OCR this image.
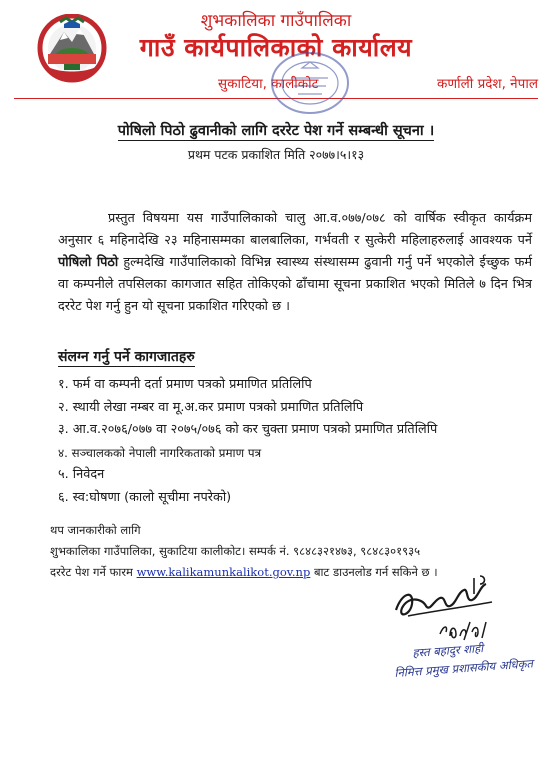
शुभकालिका गाउँपालिका
गाउँ कार्यपालिकाको कार्यालय
सुकाटिया, कालीकोट	कर्णाली प्रदेश, नेपाल
पोषिलो पिठो ढुवानीको लागि दररेट पेश गर्ने सम्बन्धी सूचना ।
प्रथम पटक प्रकाशित मिति २०७७।५।१३
प्रस्तुत विषयमा यस गाउँपालिकाको चालु आ.व.०७७/०७८ को वार्षिक स्वीकृत कार्यक्रम अनुसार ६ महिनादेखि २३ महिनासम्मका बालबालिका, गर्भवती र सुत्केरी महिलाहरुलाई आवश्यक पर्ने पोषिलो पिठो हुल्मदेखि गाउँपालिकाको विभिन्न स्वास्थ्य संस्थासम्म ढुवानी गर्नु पर्ने भएकोले ईच्छुक फर्म वा कम्पनीले तपसिलका कागजात सहित तोकिएको ढाँचामा सूचना प्रकाशित भएको मितिले ७ दिन भित्र दररेट पेश गर्नु हुन यो सूचना प्रकाशित गरिएको छ ।
संलग्न गर्नु पर्ने कागजातहरु
१. फर्म वा कम्पनी दर्ता प्रमाण पत्रको प्रमाणित प्रतिलिपि
२. स्थायी लेखा नम्बर वा मू.अ.कर प्रमाण पत्रको प्रमाणित प्रतिलिपि
३. आ.व.२०७६/०७७ वा २०७५/०७६ को कर चुक्ता प्रमाण पत्रको प्रमाणित प्रतिलिपि
४. सञ्चालकको नेपाली नागरिकताको प्रमाण पत्र
५. निवेदन
६. स्व:घोषणा (कालो सूचीमा नपरेको)
थप जानकारीको लागि
शुभकालिका गाउँपालिका, सुकाटिया कालीकोट। सम्पर्क नं. ९८४८३२१४७३, ९८४८३०१९३५
दररेट पेश गर्ने फारम www.kalikamunkalikot.gov.np बाट डाउनलोड गर्न सकिने छ ।
हस्त बहादुर शाही
निमित्त प्रमुख प्रशासकीय अधिकृत
